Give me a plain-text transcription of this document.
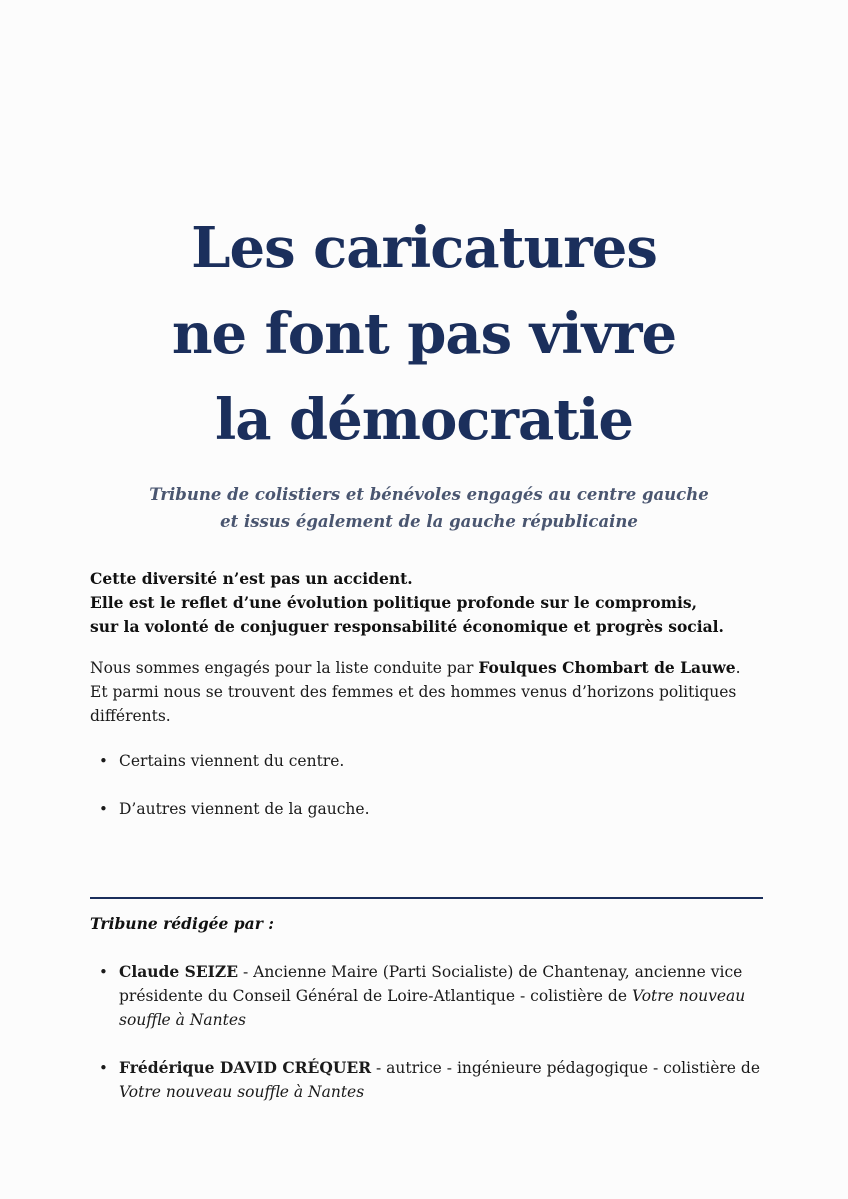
Les caricatures
ne font pas vivre
la démocratie

Tribune de colistiers et bénévoles engagés au centre gauche
et issus également de la gauche républicaine

Cette diversité n’est pas un accident.
Elle est le reflet d’une évolution politique profonde sur le compromis,
sur la volonté de conjuguer responsabilité économique et progrès social.

Nous sommes engagés pour la liste conduite par Foulques Chombart de Lauwe.
Et parmi nous se trouvent des femmes et des hommes venus d’horizons politiques différents.

• Certains viennent du centre.
• D’autres viennent de la gauche.

Tribune rédigée par :

• Claude SEIZE - Ancienne Maire (Parti Socialiste) de Chantenay, ancienne vice présidente du Conseil Général de Loire-Atlantique - colistière de Votre nouveau souffle à Nantes
• Frédérique DAVID CRÉQUER - autrice - ingénieure pédagogique - colistière de Votre nouveau souffle à Nantes
